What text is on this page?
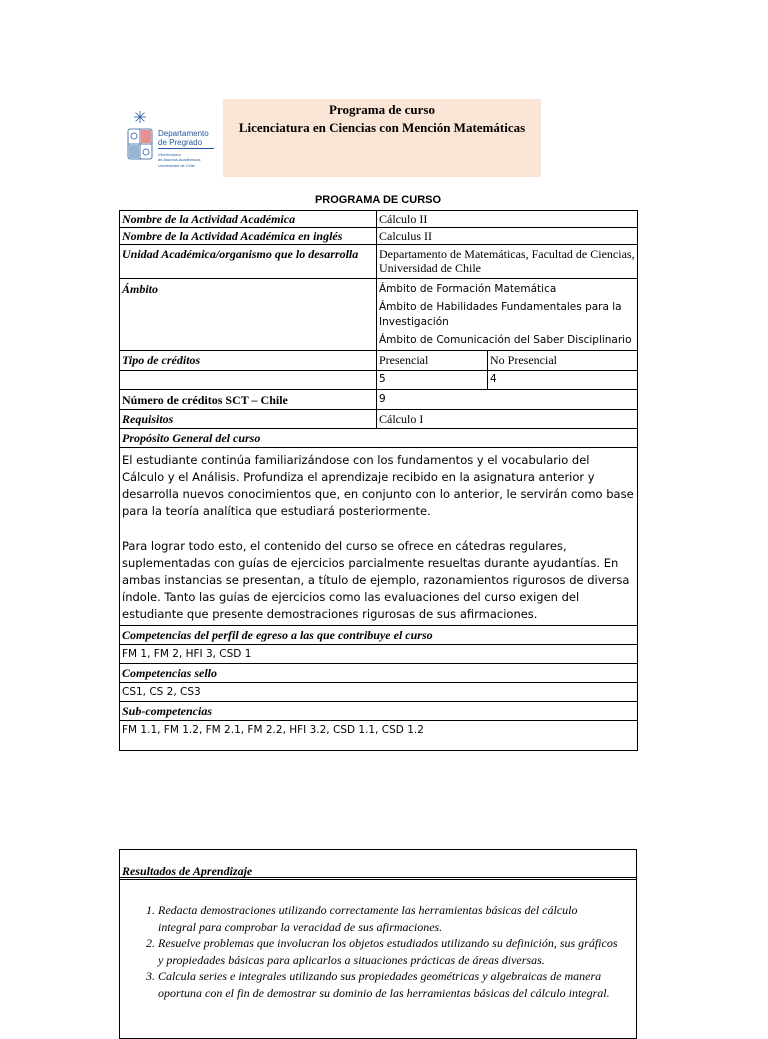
Departamento
de Pregrado
Vicerrectoría
de Asuntos Académicos
Universidad de Chile
Programa de curso
Licenciatura en Ciencias con Mención Matemáticas
PROGRAMA DE CURSO
Nombre de la Actividad Académica	Cálculo II	
Nombre de la Actividad Académica en inglés	Calculus II	
Unidad Académica/organismo que lo desarrolla	Departamento de Matemáticas, Facultad de Ciencias, Universidad de Chile	
Ámbito	Ámbito de Formación Matemática
Ámbito de Habilidades Fundamentales para la Investigación
Ámbito de Comunicación del Saber Disciplinario	

Tipo de créditos	Presencial	No Presencial
	5	4
Número de créditos SCT – Chile	9	
Requisitos	Cálculo I	
Propósito General del curso		

El estudiante continúa familiarizándose con los fundamentos y el vocabulario del Cálculo y el Análisis. Profundiza el aprendizaje recibido en la asignatura anterior y desarrolla nuevos conocimientos que, en conjunto con lo anterior, le servirán como base para la teoría analítica que estudiará posteriormente.

Para lograr todo esto, el contenido del curso se ofrece en cátedras regulares, suplementadas con guías de ejercicios parcialmente resueltas durante ayudantías. En ambas instancias se presentan, a título de ejemplo, razonamientos rigurosos de diversa índole. Tanto las guías de ejercicios como las evaluaciones del curso exigen del estudiante que presente demostraciones rigurosas de sus afirmaciones.		

Competencias del perfil de egreso a las que contribuye el curso		
FM 1, FM 2, HFI 3, CSD 1		
Competencias sello		
CS1, CS 2, CS3		
Sub-competencias		
FM 1.1, FM 1.2, FM 2.1, FM 2.2, HFI 3.2, CSD 1.1, CSD 1.2		
Resultados de Aprendizaje
1. Redacta demostraciones utilizando correctamente las herramientas básicas del cálculo integral para comprobar la veracidad de sus afirmaciones.
2. Resuelve problemas que involucran los objetos estudiados utilizando su definición, sus gráficos y propiedades básicas para aplicarlos a situaciones prácticas de áreas diversas.
3. Calcula series e integrales utilizando sus propiedades geométricas y algebraicas de manera oportuna con el fin de demostrar su dominio de las herramientas básicas del cálculo integral.
